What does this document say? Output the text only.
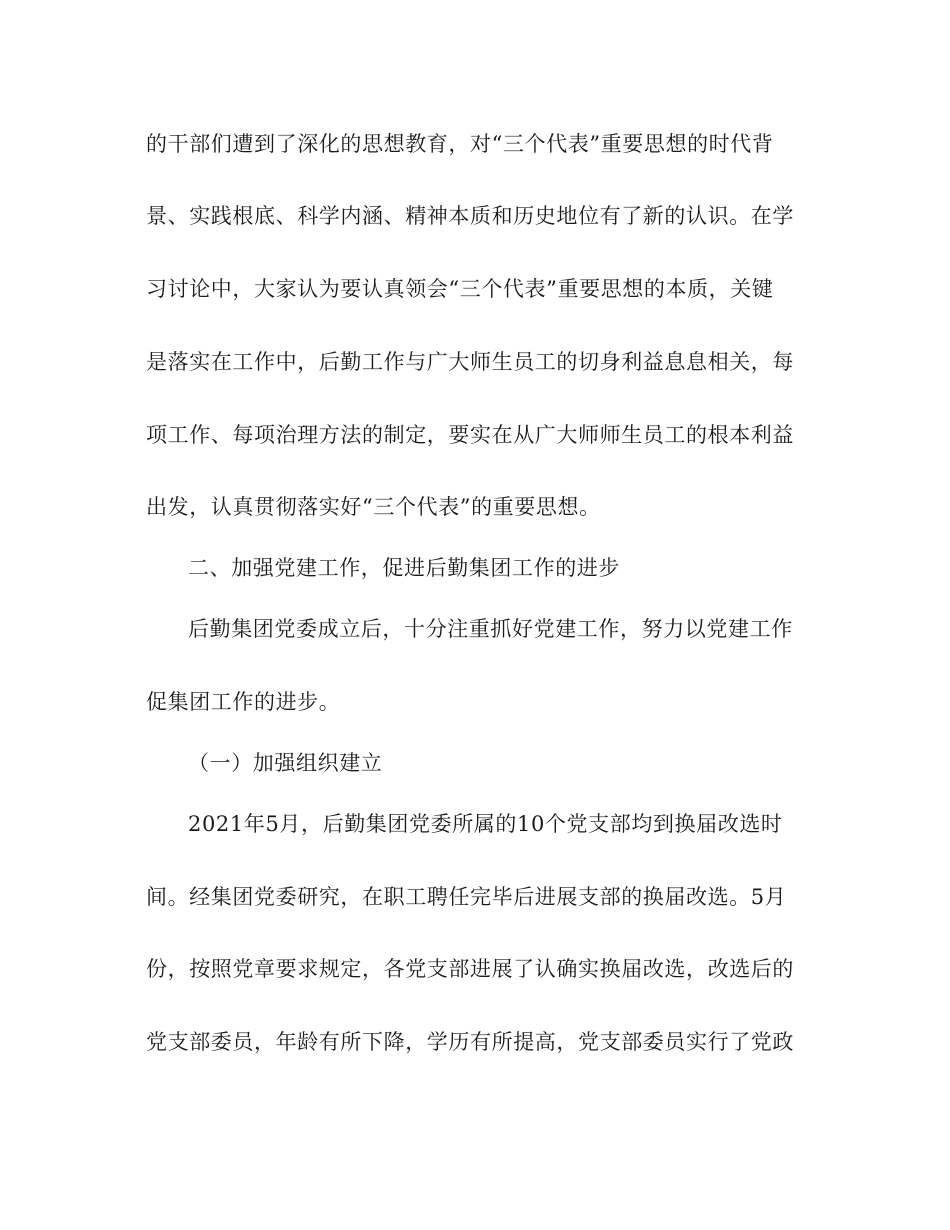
的干部们遭到了深化的思想教育，对“三个代表”重要思想的时代背
景、实践根底、科学内涵、精神本质和历史地位有了新的认识。在学
习讨论中，大家认为要认真领会“三个代表”重要思想的本质，关键
是落实在工作中，后勤工作与广大师生员工的切身利益息息相关，每
项工作、每项治理方法的制定，要实在从广大师师生员工的根本利益
出发，认真贯彻落实好“三个代表”的重要思想。
二、加强党建工作，促进后勤集团工作的进步
后勤集团党委成立后，十分注重抓好党建工作，努力以党建工作
促集团工作的进步。
（一）加强组织建立
2021年5月，后勤集团党委所属的10个党支部均到换届改选时
间。经集团党委研究，在职工聘任完毕后进展支部的换届改选。5月
份，按照党章要求规定，各党支部进展了认确实换届改选，改选后的
党支部委员，年龄有所下降，学历有所提高，党支部委员实行了党政
